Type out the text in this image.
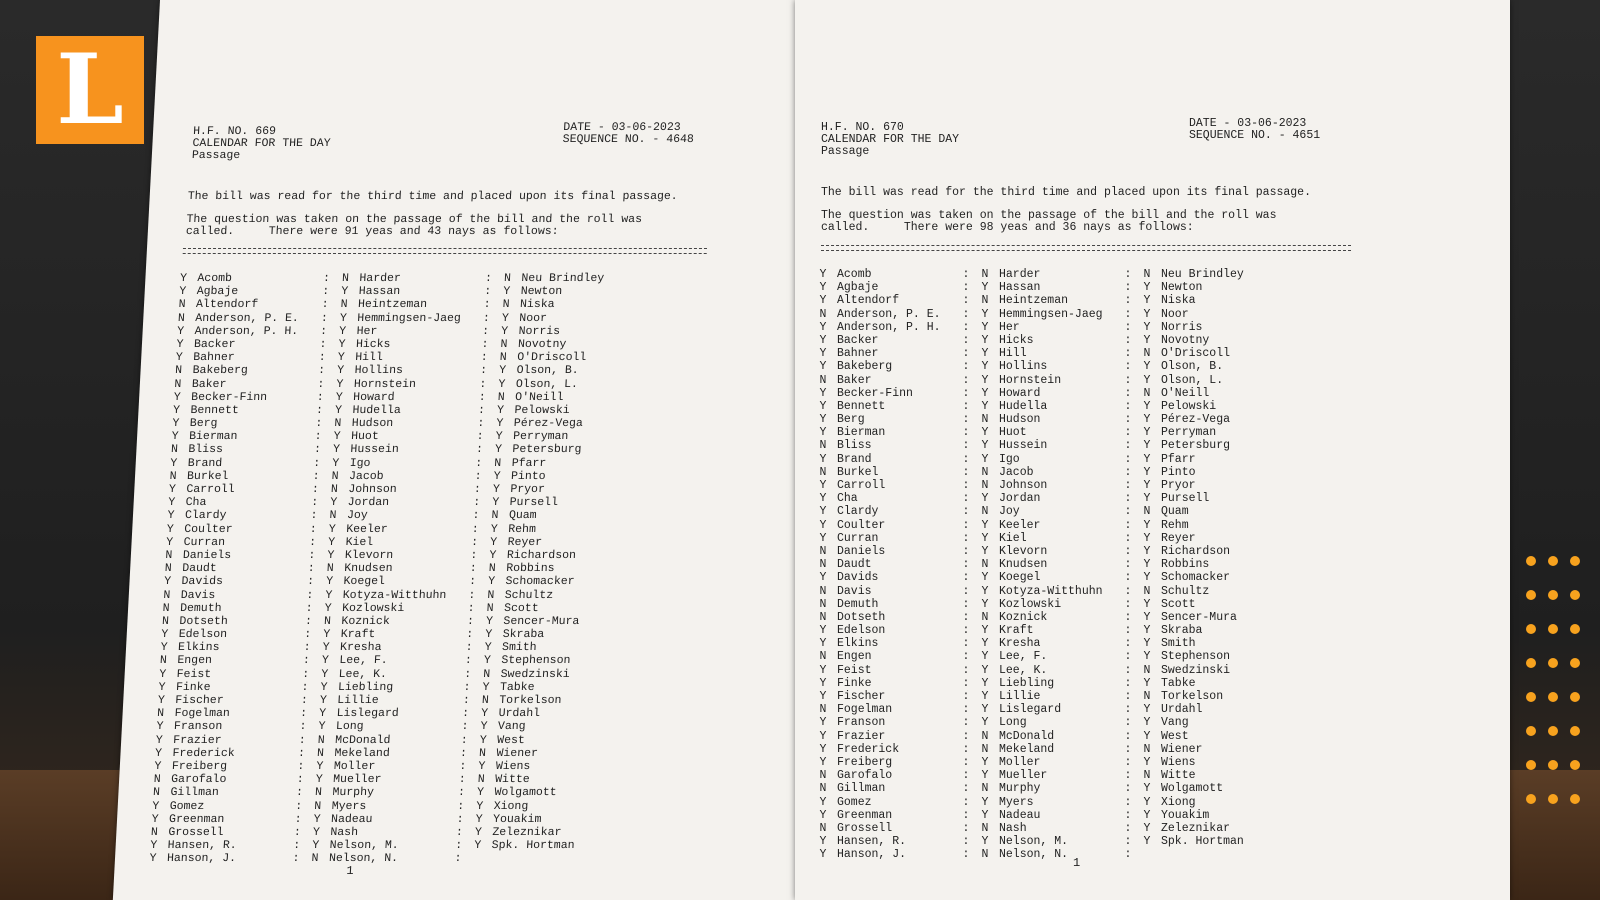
L	H.F. NO. 669
CALENDAR FOR THE DAY
Passage
DATE - 03-06-2023
SEQUENCE NO. - 4648
The bill was read for the third time and placed upon its final passage.
The question was taken on the passage of the bill and the roll was
called.     There were 91 yeas and 43 nays as follows:
Y Acomb	: N Harder	: N Neu Brindley
Y Agbaje	: Y Hassan	: Y Newton
N Altendorf	: N Heintzeman	: N Niska
N Anderson, P. E.	: Y Hemmingsen-Jaeg	: Y Noor
Y Anderson, P. H.	: Y Her	: Y Norris
Y Backer	: Y Hicks	: N Novotny
Y Bahner	: Y Hill	: N O'Driscoll
N Bakeberg	: Y Hollins	: Y Olson, B.
N Baker	: Y Hornstein	: Y Olson, L.
Y Becker-Finn	: Y Howard	: N O'Neill
Y Bennett	: Y Hudella	: Y Pelowski
Y Berg	: N Hudson	: Y Pérez-Vega
Y Bierman	: Y Huot	: Y Perryman
N Bliss	: Y Hussein	: Y Petersburg
Y Brand	: Y Igo	: N Pfarr
N Burkel	: N Jacob	: Y Pinto
Y Carroll	: N Johnson	: Y Pryor
Y Cha	: Y Jordan	: Y Pursell
Y Clardy	: N Joy	: N Quam
Y Coulter	: Y Keeler	: Y Rehm
Y Curran	: Y Kiel	: Y Reyer
N Daniels	: Y Klevorn	: Y Richardson
N Daudt	: N Knudsen	: N Robbins
Y Davids	: Y Koegel	: Y Schomacker
N Davis	: Y Kotyza-Witthuhn	: N Schultz
N Demuth	: Y Kozlowski	: N Scott
N Dotseth	: N Koznick	: Y Sencer-Mura
Y Edelson	: Y Kraft	: Y Skraba
Y Elkins	: Y Kresha	: Y Smith
N Engen	: Y Lee, F.	: Y Stephenson
Y Feist	: Y Lee, K.	: N Swedzinski
Y Finke	: Y Liebling	: Y Tabke
Y Fischer	: Y Lillie	: N Torkelson
N Fogelman	: Y Lislegard	: Y Urdahl
Y Franson	: Y Long	: Y Vang
Y Frazier	: N McDonald	: Y West
Y Frederick	: N Mekeland	: N Wiener
Y Freiberg	: Y Moller	: Y Wiens
N Garofalo	: Y Mueller	: N Witte
N Gillman	: N Murphy	: Y Wolgamott
Y Gomez	: N Myers	: Y Xiong
Y Greenman	: Y Nadeau	: Y Youakim
N Grossell	: Y Nash	: Y Zeleznikar
Y Hansen, R.	: Y Nelson, M.	: Y Spk. Hortman
Y Hanson, J.	: N Nelson, N.	:
1
H.F. NO. 670
CALENDAR FOR THE DAY
Passage
DATE - 03-06-2023
SEQUENCE NO. - 4651
The bill was read for the third time and placed upon its final passage.
The question was taken on the passage of the bill and the roll was
called.     There were 98 yeas and 36 nays as follows:
Y Acomb	:	N Harder	:	N Neu Brindley
Y Agbaje	:	Y Hassan	:	Y Newton
Y Altendorf	:	N Heintzeman	:	Y Niska
N Anderson, P. E.	:	Y Hemmingsen-Jaeg	:	Y Noor
Y Anderson, P. H.	:	Y Her	:	Y Norris
Y Backer	:	Y Hicks	:	Y Novotny
Y Bahner	:	Y Hill	:	N O'Driscoll
Y Bakeberg	:	Y Hollins	:	Y Olson, B.
N Baker	:	Y Hornstein	:	Y Olson, L.
Y Becker-Finn	:	Y Howard	:	N O'Neill
Y Bennett	:	Y Hudella	:	Y Pelowski
Y Berg	:	N Hudson	:	Y Pérez-Vega
Y Bierman	:	Y Huot	:	Y Perryman
N Bliss	:	Y Hussein	:	Y Petersburg
Y Brand	:	Y Igo	:	Y Pfarr
N Burkel	:	N Jacob	:	Y Pinto
Y Carroll	:	N Johnson	:	Y Pryor
Y Cha	:	Y Jordan	:	Y Pursell
Y Clardy	:	N Joy	:	N Quam
Y Coulter	:	Y Keeler	:	Y Rehm
Y Curran	:	Y Kiel	:	Y Reyer
N Daniels	:	Y Klevorn	:	Y Richardson
N Daudt	:	N Knudsen	:	Y Robbins
Y Davids	:	Y Koegel	:	Y Schomacker
N Davis	:	Y Kotyza-Witthuhn	:	N Schultz
N Demuth	:	Y Kozlowski	:	Y Scott
N Dotseth	:	N Koznick	:	Y Sencer-Mura
Y Edelson	:	Y Kraft	:	Y Skraba
Y Elkins	:	Y Kresha	:	Y Smith
N Engen	:	Y Lee, F.	:	Y Stephenson
Y Feist	:	Y Lee, K.	:	N Swedzinski
Y Finke	:	Y Liebling	:	Y Tabke
Y Fischer	:	Y Lillie	:	N Torkelson
N Fogelman	:	Y Lislegard	:	Y Urdahl
Y Franson	:	Y Long	:	Y Vang
Y Frazier	:	N McDonald	:	Y West
Y Frederick	:	N Mekeland	:	N Wiener
Y Freiberg	:	Y Moller	:	Y Wiens
N Garofalo	:	Y Mueller	:	N Witte
N Gillman	:	N Murphy	:	Y Wolgamott
Y Gomez	:	Y Myers	:	Y Xiong
Y Greenman	:	Y Nadeau	:	Y Youakim
N Grossell	:	N Nash	:	Y Zeleznikar
Y Hansen, R.	:	Y Nelson, M.	:	Y Spk. Hortman
Y Hanson, J.	:	N Nelson, N.	:
1
